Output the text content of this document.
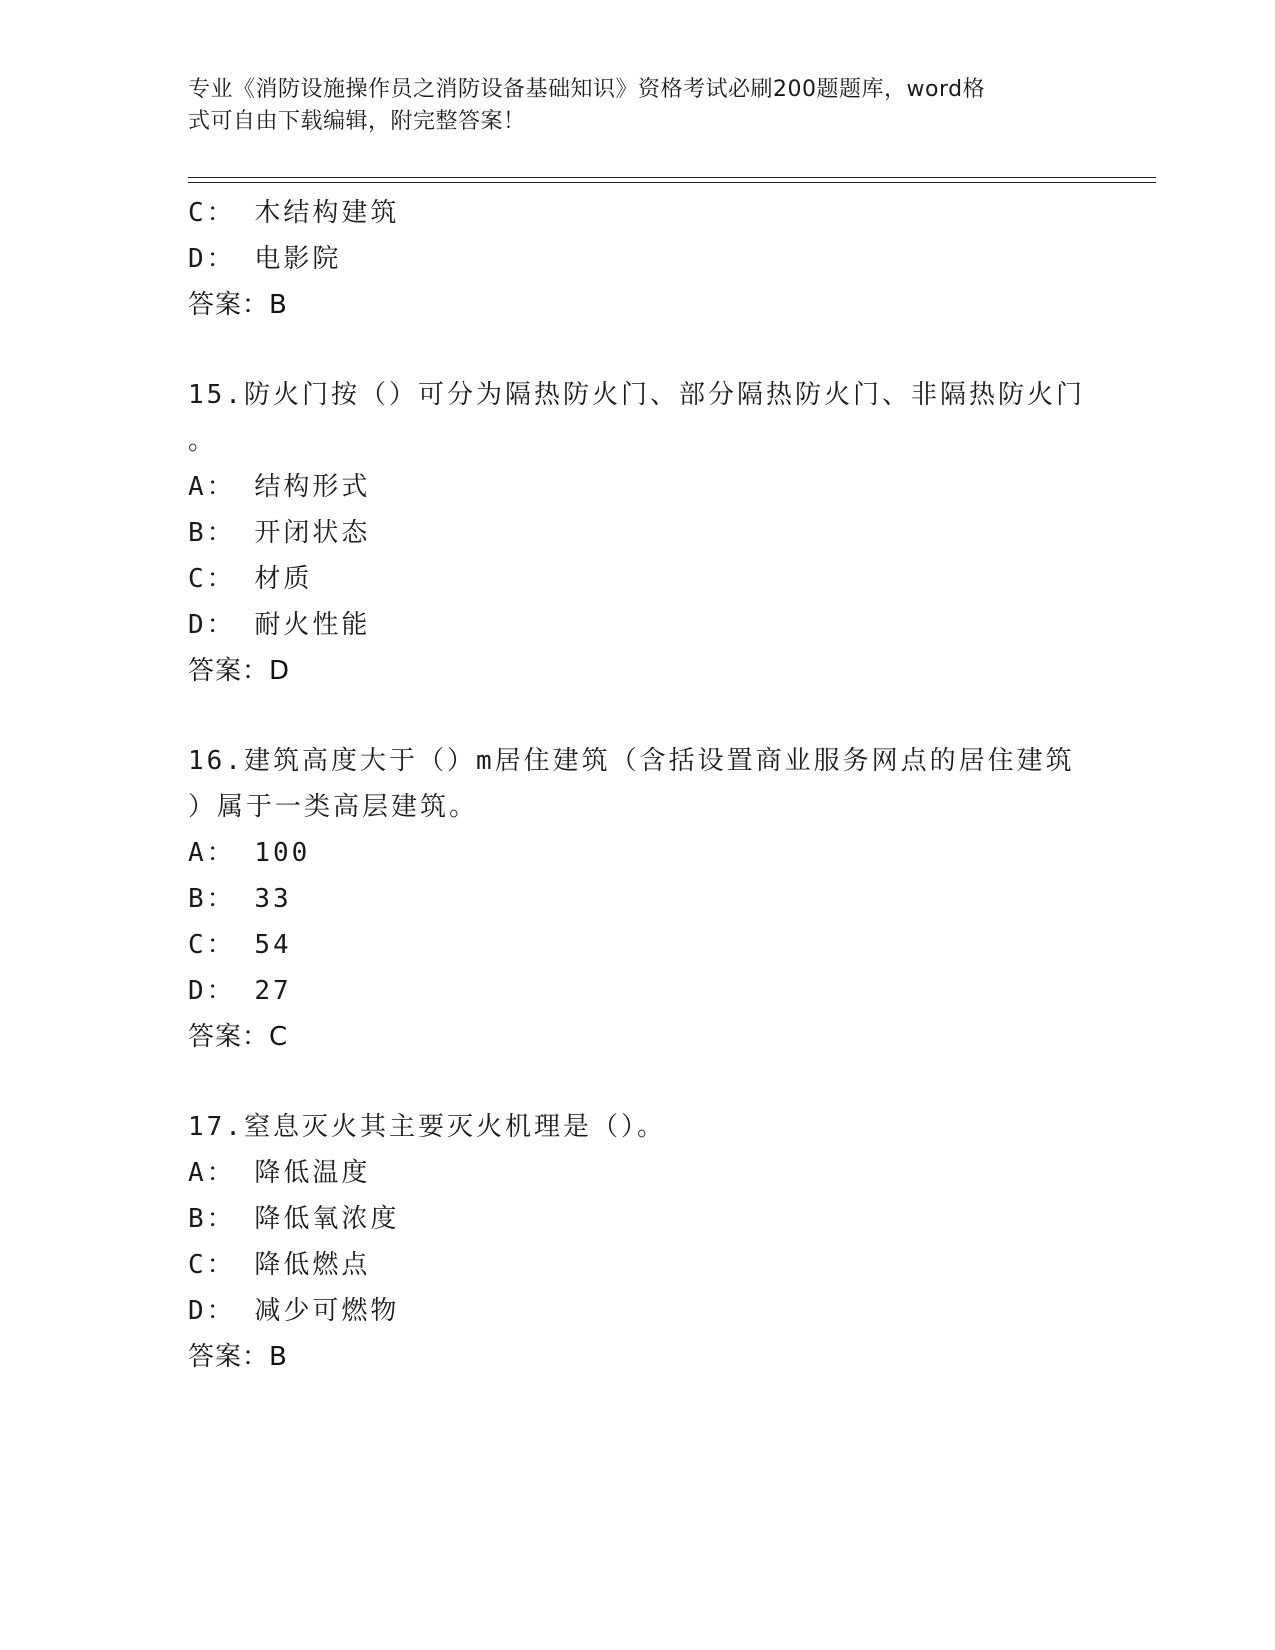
专业《消防设施操作员之消防设备基础知识》资格考试必刷200题题库，word格
式可自由下载编辑，附完整答案！
C： 木结构建筑
D： 电影院
答案：B
15.防火门按（）可分为隔热防火门、部分隔热防火门、非隔热防火门
。
A： 结构形式
B： 开闭状态
C： 材质
D： 耐火性能
答案：D
16.建筑高度大于（）m居住建筑（含括设置商业服务网点的居住建筑
）属于一类高层建筑。
A： 100
B： 33
C： 54
D： 27
答案：C
17.窒息灭火其主要灭火机理是（）。
A： 降低温度
B： 降低氧浓度
C： 降低燃点
D： 减少可燃物
答案：B
